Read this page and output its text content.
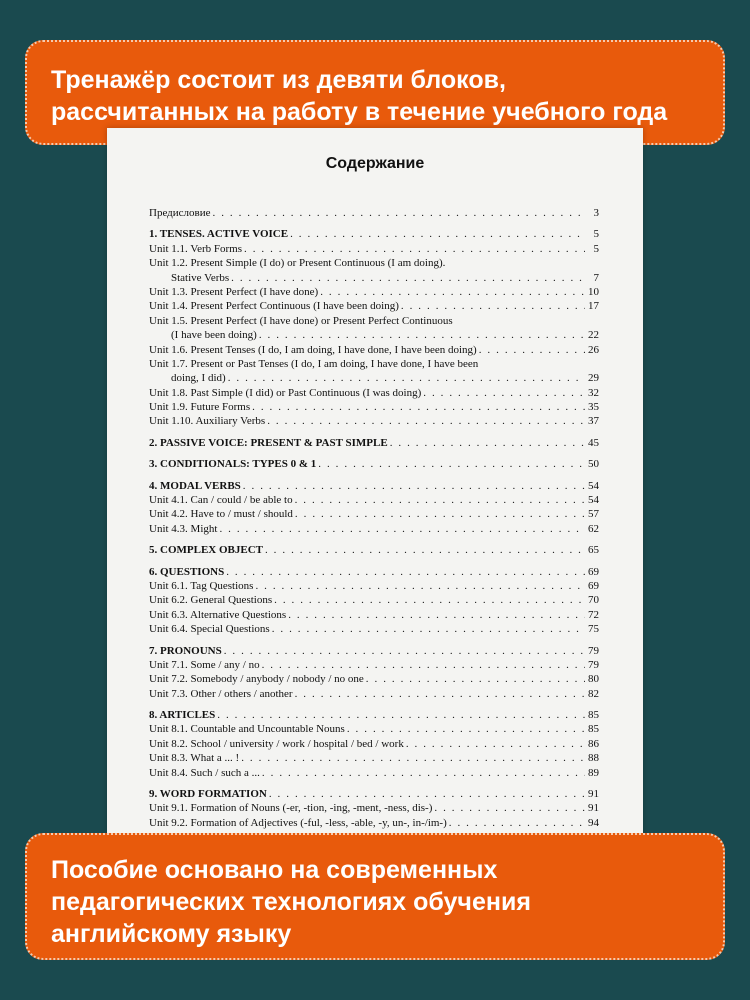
Тренажёр состоит из девяти блоков,
рассчитанных на работу в течение учебного года
Содержание
Предисловие . . .	3
1. TENSES. ACTIVE VOICE . . .	5
Unit 1.1. Verb Forms . . .	5
Unit 1.2. Present Simple (I do) or Present Continuous (I am doing).
Stative Verbs . . .	7
Unit 1.3. Present Perfect (I have done) . . .	10
Unit 1.4. Present Perfect Continuous (I have been doing) . . .	17
Unit 1.5. Present Perfect (I have done) or Present Perfect Continuous
(I have been doing) . . .	22
Unit 1.6. Present Tenses (I do, I am doing, I have done, I have been doing) . . .	26
Unit 1.7. Present or Past Tenses (I do, I am doing, I have done, I have been
doing, I did) . . .	29
Unit 1.8. Past Simple (I did) or Past Continuous (I was doing) . . .	32
Unit 1.9. Future Forms . . .	35
Unit 1.10. Auxiliary Verbs . . .	37
2. PASSIVE VOICE: PRESENT & PAST SIMPLE . . .	45
3. CONDITIONALS: TYPES 0 & 1 . . .	50
4. MODAL VERBS . . .	54
Unit 4.1. Can / could / be able to . . .	54
Unit 4.2. Have to / must / should . . .	57
Unit 4.3. Might . . .	62
5. COMPLEX OBJECT . . .	65
6. QUESTIONS . . .	69
Unit 6.1. Tag Questions . . .	69
Unit 6.2. General Questions . . .	70
Unit 6.3. Alternative Questions . . .	72
Unit 6.4. Special Questions . . .	75
7. PRONOUNS . . .	79
Unit 7.1. Some / any / no . . .	79
Unit 7.2. Somebody / anybody / nobody / no one . . .	80
Unit 7.3. Other / others / another . . .	82
8. ARTICLES . . .	85
Unit 8.1. Countable and Uncountable Nouns . . .	85
Unit 8.2. School / university / work / hospital / bed / work . . .	86
Unit 8.3. What a ... ! . . .	88
Unit 8.4. Such / such a ... . . .	89
9. WORD FORMATION . . .	91
Unit 9.1. Formation of Nouns (-er, -tion, -ing, -ment, -ness, dis-) . . .	91
Unit 9.2. Formation of Adjectives (-ful, -less, -able, -y, un-, in-/im-) . . .	94
Пособие основано на современных
педагогических технологиях обучения
английскому языку
